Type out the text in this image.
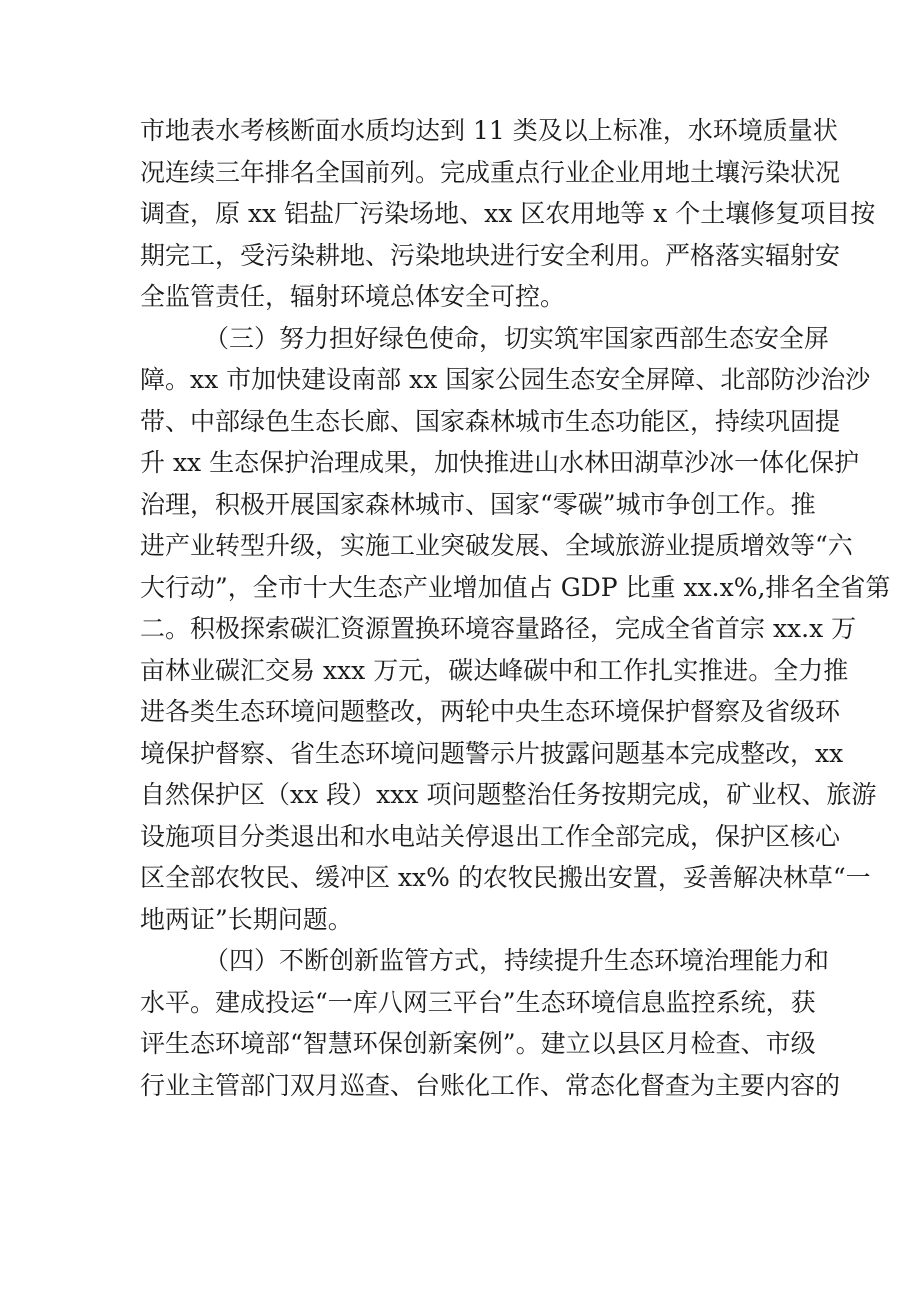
市地表水考核断面水质均达到 11 类及以上标准，水环境质量状
况连续三年排名全国前列。完成重点行业企业用地土壤污染状况
调查，原 xx 铝盐厂污染场地、xx 区农用地等 x 个土壤修复项目按
期完工，受污染耕地、污染地块进行安全利用。严格落实辐射安
全监管责任，辐射环境总体安全可控。
（三）努力担好绿色使命，切实筑牢国家西部生态安全屏
障。xx 市加快建设南部 xx 国家公园生态安全屏障、北部防沙治沙
带、中部绿色生态长廊、国家森林城市生态功能区，持续巩固提
升 xx 生态保护治理成果，加快推进山水林田湖草沙冰一体化保护
治理，积极开展国家森林城市、国家“零碳”城市争创工作。推
进产业转型升级，实施工业突破发展、全域旅游业提质增效等“六
大行动”，全市十大生态产业增加值占 GDP 比重 xx.x%,排名全省第
二。积极探索碳汇资源置换环境容量路径，完成全省首宗 xx.x 万
亩林业碳汇交易 xxx 万元，碳达峰碳中和工作扎实推进。全力推
进各类生态环境问题整改，两轮中央生态环境保护督察及省级环
境保护督察、省生态环境问题警示片披露问题基本完成整改，xx
自然保护区（xx 段）xxx 项问题整治任务按期完成，矿业权、旅游
设施项目分类退出和水电站关停退出工作全部完成，保护区核心
区全部农牧民、缓冲区 xx% 的农牧民搬出安置，妥善解决林草“一
地两证”长期问题。
（四）不断创新监管方式，持续提升生态环境治理能力和
水平。建成投运“一库八网三平台”生态环境信息监控系统，获
评生态环境部“智慧环保创新案例”。建立以县区月检查、市级
行业主管部门双月巡查、台账化工作、常态化督查为主要内容的
